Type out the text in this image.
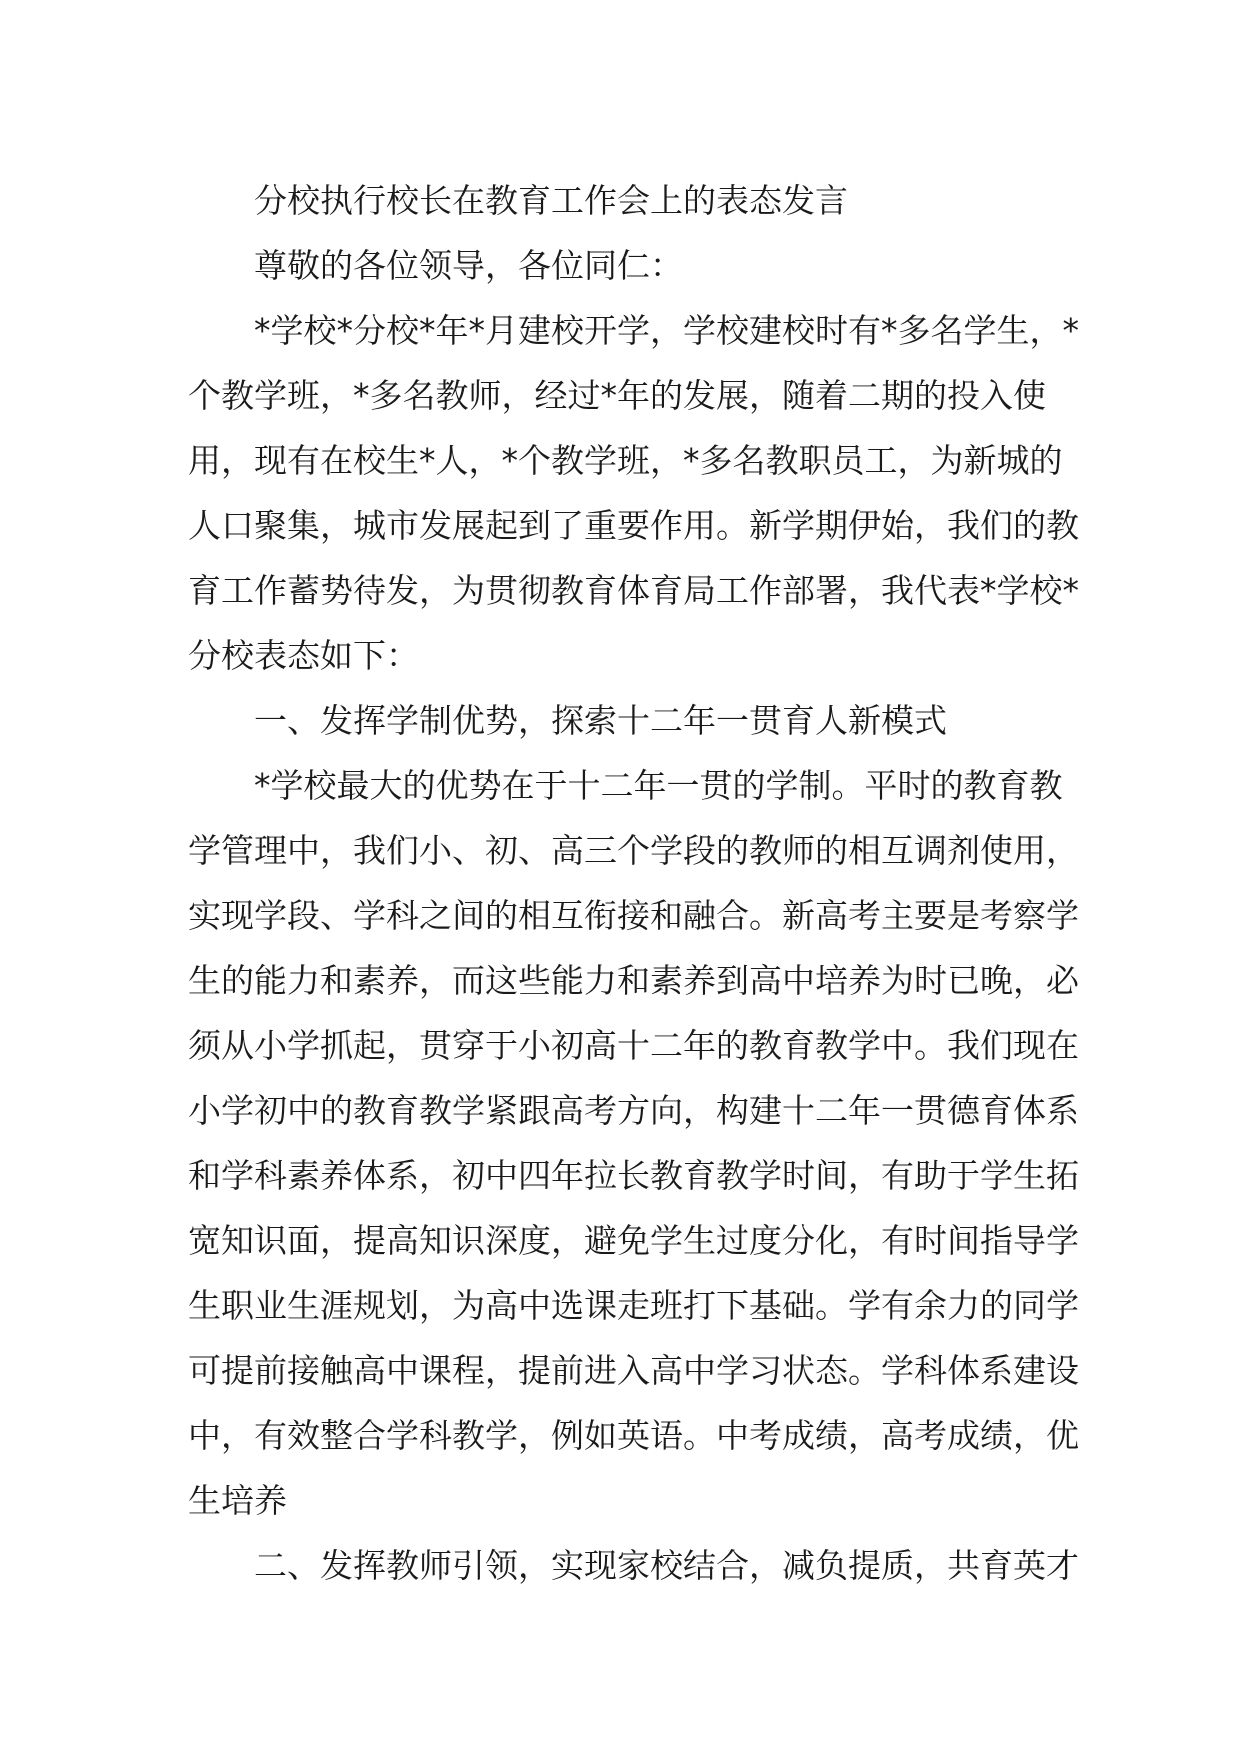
分校执行校长在教育工作会上的表态发言

尊敬的各位领导，各位同仁：

*学校*分校*年*月建校开学，学校建校时有*多名学生，*个教学班，*多名教师，经过*年的发展，随着二期的投入使用，现有在校生*人，*个教学班，*多名教职员工，为新城的人口聚集，城市发展起到了重要作用。新学期伊始，我们的教育工作蓄势待发，为贯彻教育体育局工作部署，我代表*学校*分校表态如下：

一、发挥学制优势，探索十二年一贯育人新模式

*学校最大的优势在于十二年一贯的学制。平时的教育教学管理中，我们小、初、高三个学段的教师的相互调剂使用，实现学段、学科之间的相互衔接和融合。新高考主要是考察学生的能力和素养，而这些能力和素养到高中培养为时已晚，必须从小学抓起，贯穿于小初高十二年的教育教学中。我们现在小学初中的教育教学紧跟高考方向，构建十二年一贯德育体系和学科素养体系，初中四年拉长教育教学时间，有助于学生拓宽知识面，提高知识深度，避免学生过度分化，有时间指导学生职业生涯规划，为高中选课走班打下基础。学有余力的同学可提前接触高中课程，提前进入高中学习状态。学科体系建设中，有效整合学科教学，例如英语。中考成绩，高考成绩，优生培养

二、发挥教师引领，实现家校结合，减负提质，共育英才
